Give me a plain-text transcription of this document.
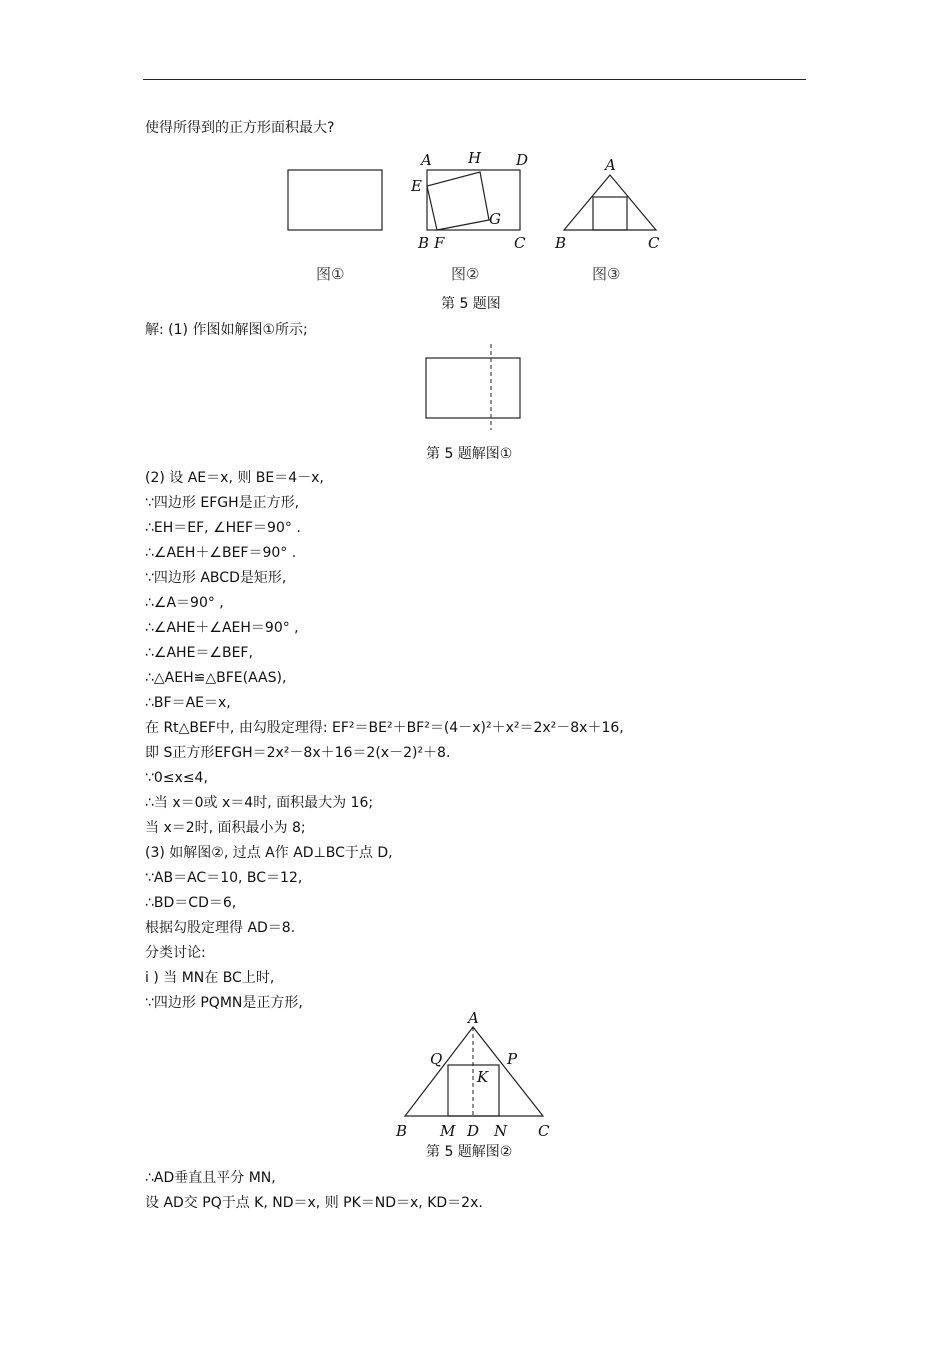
使得所得到的正方形面积最大?
图①
A H D
E
G
B F	C
图②
A
B	C
图③
第 5 题图
解: (1) 作图如解图①所示;
第 5 题解图①
(2) 设 AE＝x, 则 BE＝4－x,
∵四边形 EFGH是正方形,
∴EH＝EF, ∠HEF＝90° .
∴∠AEH＋∠BEF＝90° .
∵四边形 ABCD是矩形,
∴∠A＝90° ,
∴∠AHE＋∠AEH＝90° ,
∴∠AHE＝∠BEF,
∴△AEH≌△BFE(AAS),
∴BF＝AE＝x,
在 Rt△BEF中, 由勾股定理得: EF²＝BE²＋BF²＝(4－x)²＋x²＝2x²－8x＋16,
即 S正方形EFGH＝2x²－8x＋16＝2(x－2)²＋8.
∵0≤x≤4,
∴当 x＝0或 x＝4时, 面积最大为 16;
当 x＝2时, 面积最小为 8;
(3) 如解图②, 过点 A作 AD⊥BC于点 D,
∵AB＝AC＝10, BC＝12,
∴BD＝CD＝6,
根据勾股定理得 AD＝8.
分类讨论:
i ) 当 MN在 BC上时,
∵四边形 PQMN是正方形,
A
Q	P
K
B M D N C
第 5 题解图②
∴AD垂直且平分 MN,
设 AD交 PQ于点 K, ND＝x, 则 PK＝ND＝x, KD＝2x.
